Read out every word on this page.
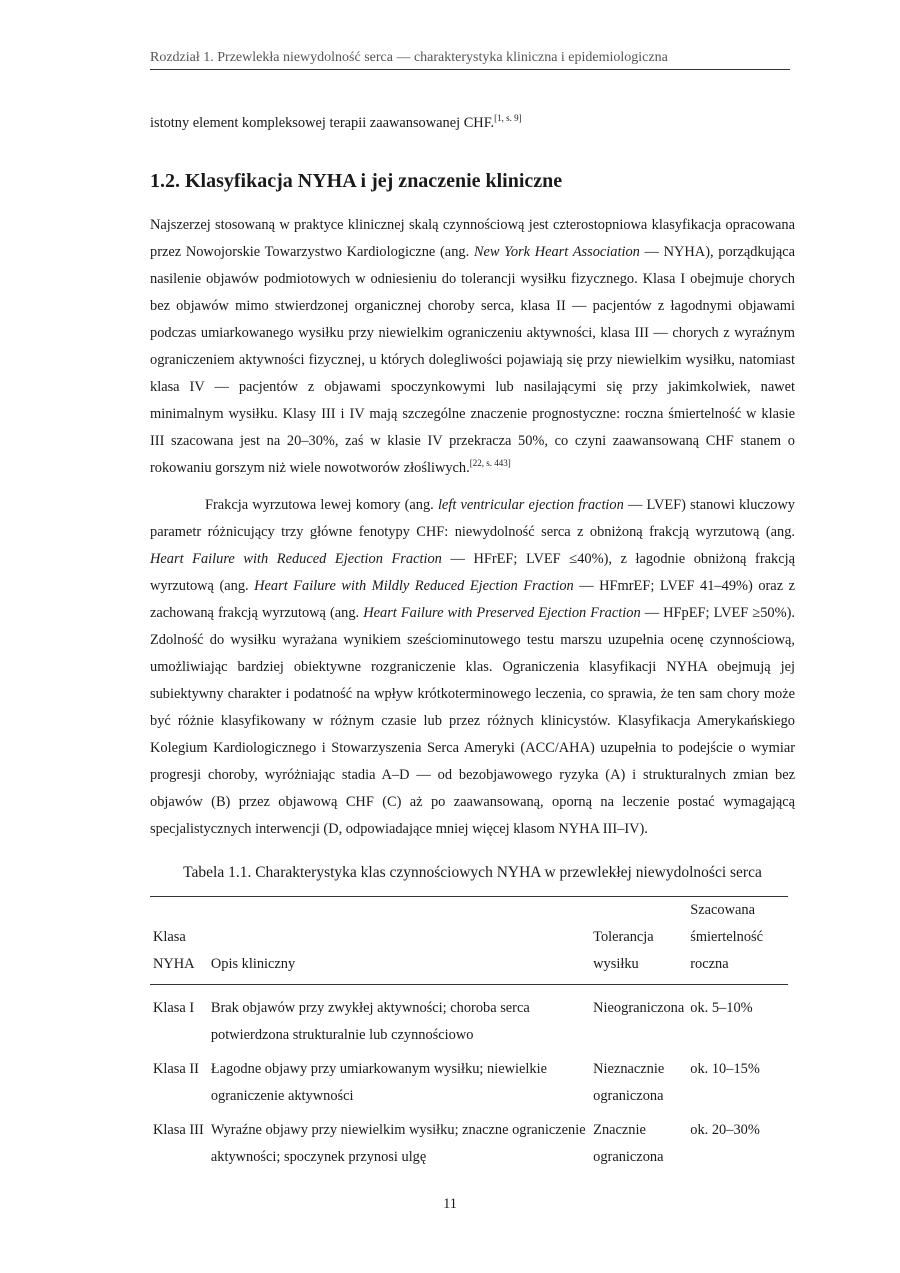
Rozdział 1. Przewlekła niewydolność serca — charakterystyka kliniczna i epidemiologiczna

istotny element kompleksowej terapii zaawansowanej CHF.[1, s. 9]

1.2. Klasyfikacja NYHA i jej znaczenie kliniczne

Najszerzej stosowaną w praktyce klinicznej skalą czynnościową jest czterostopniowa klasyfikacja opracowana przez Nowojorskie Towarzystwo Kardiologiczne (ang. New York Heart Association — NYHA), porządkująca nasilenie objawów podmiotowych w odniesieniu do tolerancji wysiłku fizycznego. Klasa I obejmuje chorych bez objawów mimo stwierdzonej organicznej choroby serca, klasa II — pacjentów z łagodnymi objawami podczas umiarkowanego wysiłku przy niewielkim ograniczeniu aktywności, klasa III — chorych z wyraźnym ograniczeniem aktywności fizycznej, u których dolegliwości pojawiają się przy niewielkim wysiłku, natomiast klasa IV — pacjentów z objawami spoczynkowymi lub nasilającymi się przy jakimkolwiek, nawet minimalnym wysiłku. Klasy III i IV mają szczególne znaczenie prognostyczne: roczna śmiertelność w klasie III szacowana jest na 20–30%, zaś w klasie IV przekracza 50%, co czyni zaawansowaną CHF stanem o rokowaniu gorszym niż wiele nowotworów złośliwych.[22, s. 443]

Frakcja wyrzutowa lewej komory (ang. left ventricular ejection fraction — LVEF) stanowi kluczowy parametr różnicujący trzy główne fenotypy CHF: niewydolność serca z obniżoną frakcją wyrzutową (ang. Heart Failure with Reduced Ejection Fraction — HFrEF; LVEF ≤40%), z łagodnie obniżoną frakcją wyrzutową (ang. Heart Failure with Mildly Reduced Ejection Fraction — HFmrEF; LVEF 41–49%) oraz z zachowaną frakcją wyrzutową (ang. Heart Failure with Preserved Ejection Fraction — HFpEF; LVEF ≥50%). Zdolność do wysiłku wyrażana wynikiem sześciominutowego testu marszu uzupełnia ocenę czynnościową, umożliwiając bardziej obiektywne rozgraniczenie klas. Ograniczenia klasyfikacji NYHA obejmują jej subiektywny charakter i podatność na wpływ krótkoterminowego leczenia, co sprawia, że ten sam chory może być różnie klasyfikowany w różnym czasie lub przez różnych klinicystów. Klasyfikacja Amerykańskiego Kolegium Kardiologicznego i Stowarzyszenia Serca Ameryki (ACC/AHA) uzupełnia to podejście o wymiar progresji choroby, wyróżniając stadia A–D — od bezobjawowego ryzyka (A) i strukturalnych zmian bez objawów (B) przez objawową CHF (C) aż po zaawansowaną, oporną na leczenie postać wymagającą specjalistycznych interwencji (D, odpowiadające mniej więcej klasom NYHA III–IV).

Tabela 1.1. Charakterystyka klas czynnościowych NYHA w przewlekłej niewydolności serca
Klasa NYHA	Opis kliniczny	Tolerancja wysiłku	Szacowana śmiertelność roczna
Klasa I	Brak objawów przy zwykłej aktywności; choroba serca potwierdzona strukturalnie lub czynnościowo	Nieograniczona	ok. 5–10%
Klasa II	Łagodne objawy przy umiarkowanym wysiłku; niewielkie ograniczenie aktywności	Nieznacznie ograniczona	ok. 10–15%
Klasa III	Wyraźne objawy przy niewielkim wysiłku; znaczne ograniczenie aktywności; spoczynek przynosi ulgę	Znacznie ograniczona	ok. 20–30%
11
